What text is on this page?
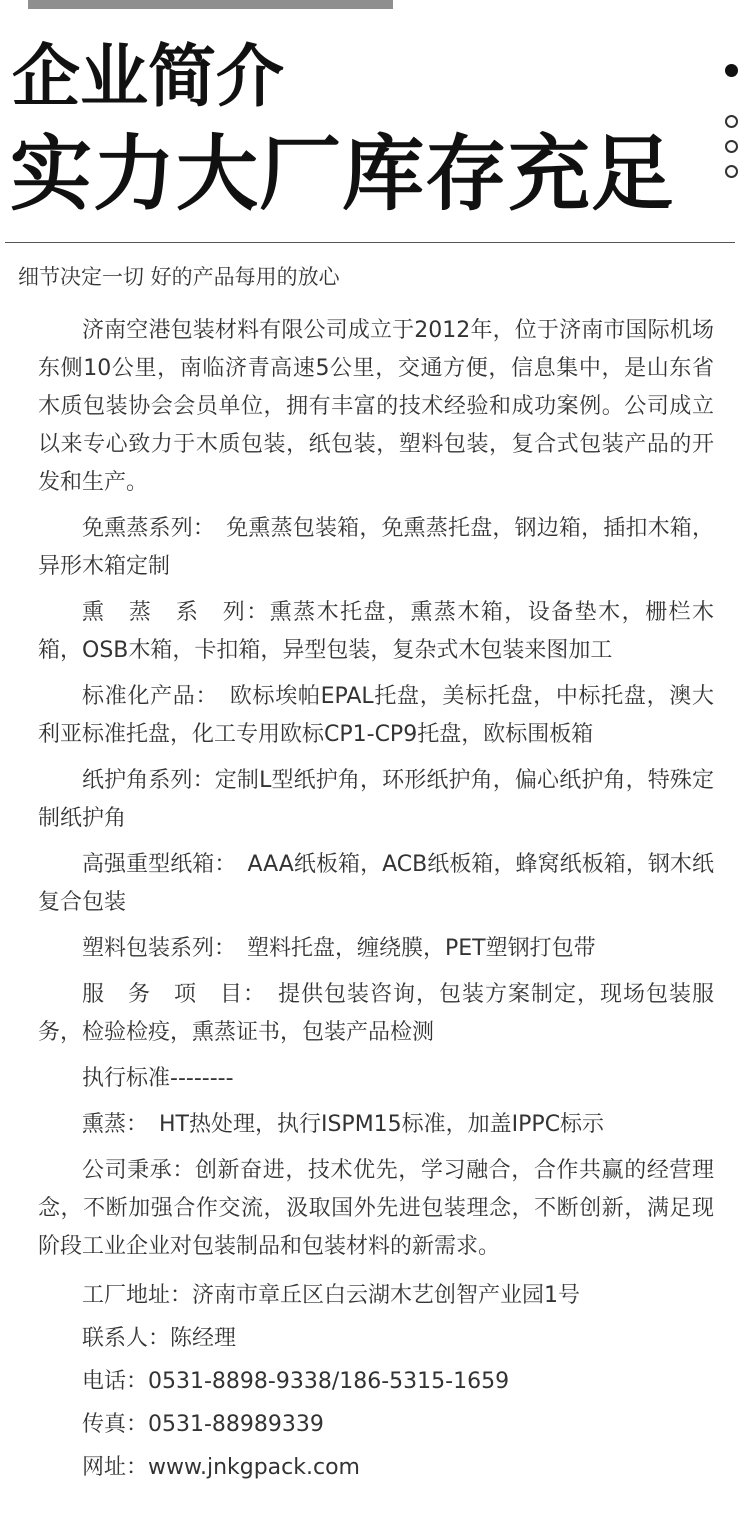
企业简介
实力大厂库存充足
细节决定一切 好的产品每用的放心

济南空港包装材料有限公司成立于2012年，位于济南市国际机场东侧10公里，南临济青高速5公里，交通方便，信息集中，是山东省木质包装协会会员单位，拥有丰富的技术经验和成功案例。公司成立以来专心致力于木质包装，纸包装，塑料包装，复合式包装产品的开发和生产。

免熏蒸系列：　免熏蒸包装箱，免熏蒸托盘，钢边箱，插扣木箱，异形木箱定制

熏　蒸　系　列：熏蒸木托盘，熏蒸木箱，设备垫木，栅栏木箱，OSB木箱，卡扣箱，异型包装，复杂式木包装来图加工

标准化产品：　欧标埃帕EPAL托盘，美标托盘，中标托盘，澳大利亚标准托盘，化工专用欧标CP1-CP9托盘，欧标围板箱

纸护角系列：定制L型纸护角，环形纸护角，偏心纸护角，特殊定制纸护角

高强重型纸箱：　AAA纸板箱，ACB纸板箱，蜂窝纸板箱，钢木纸复合包装

塑料包装系列：　塑料托盘，缠绕膜，PET塑钢打包带

服　务　项　目：　提供包装咨询，包装方案制定，现场包装服务，检验检疫，熏蒸证书，包装产品检测

执行标准--------

熏蒸：　HT热处理，执行ISPM15标准，加盖IPPC标示

公司秉承：创新奋进，技术优先，学习融合，合作共赢的经营理念，不断加强合作交流，汲取国外先进包装理念，不断创新，满足现阶段工业企业对包装制品和包装材料的新需求。

工厂地址：济南市章丘区白云湖木艺创智产业园1号

联系人：陈经理

电话：0531-8898-9338/186-5315-1659

传真：0531-88989339

网址：www.jnkgpack.com
